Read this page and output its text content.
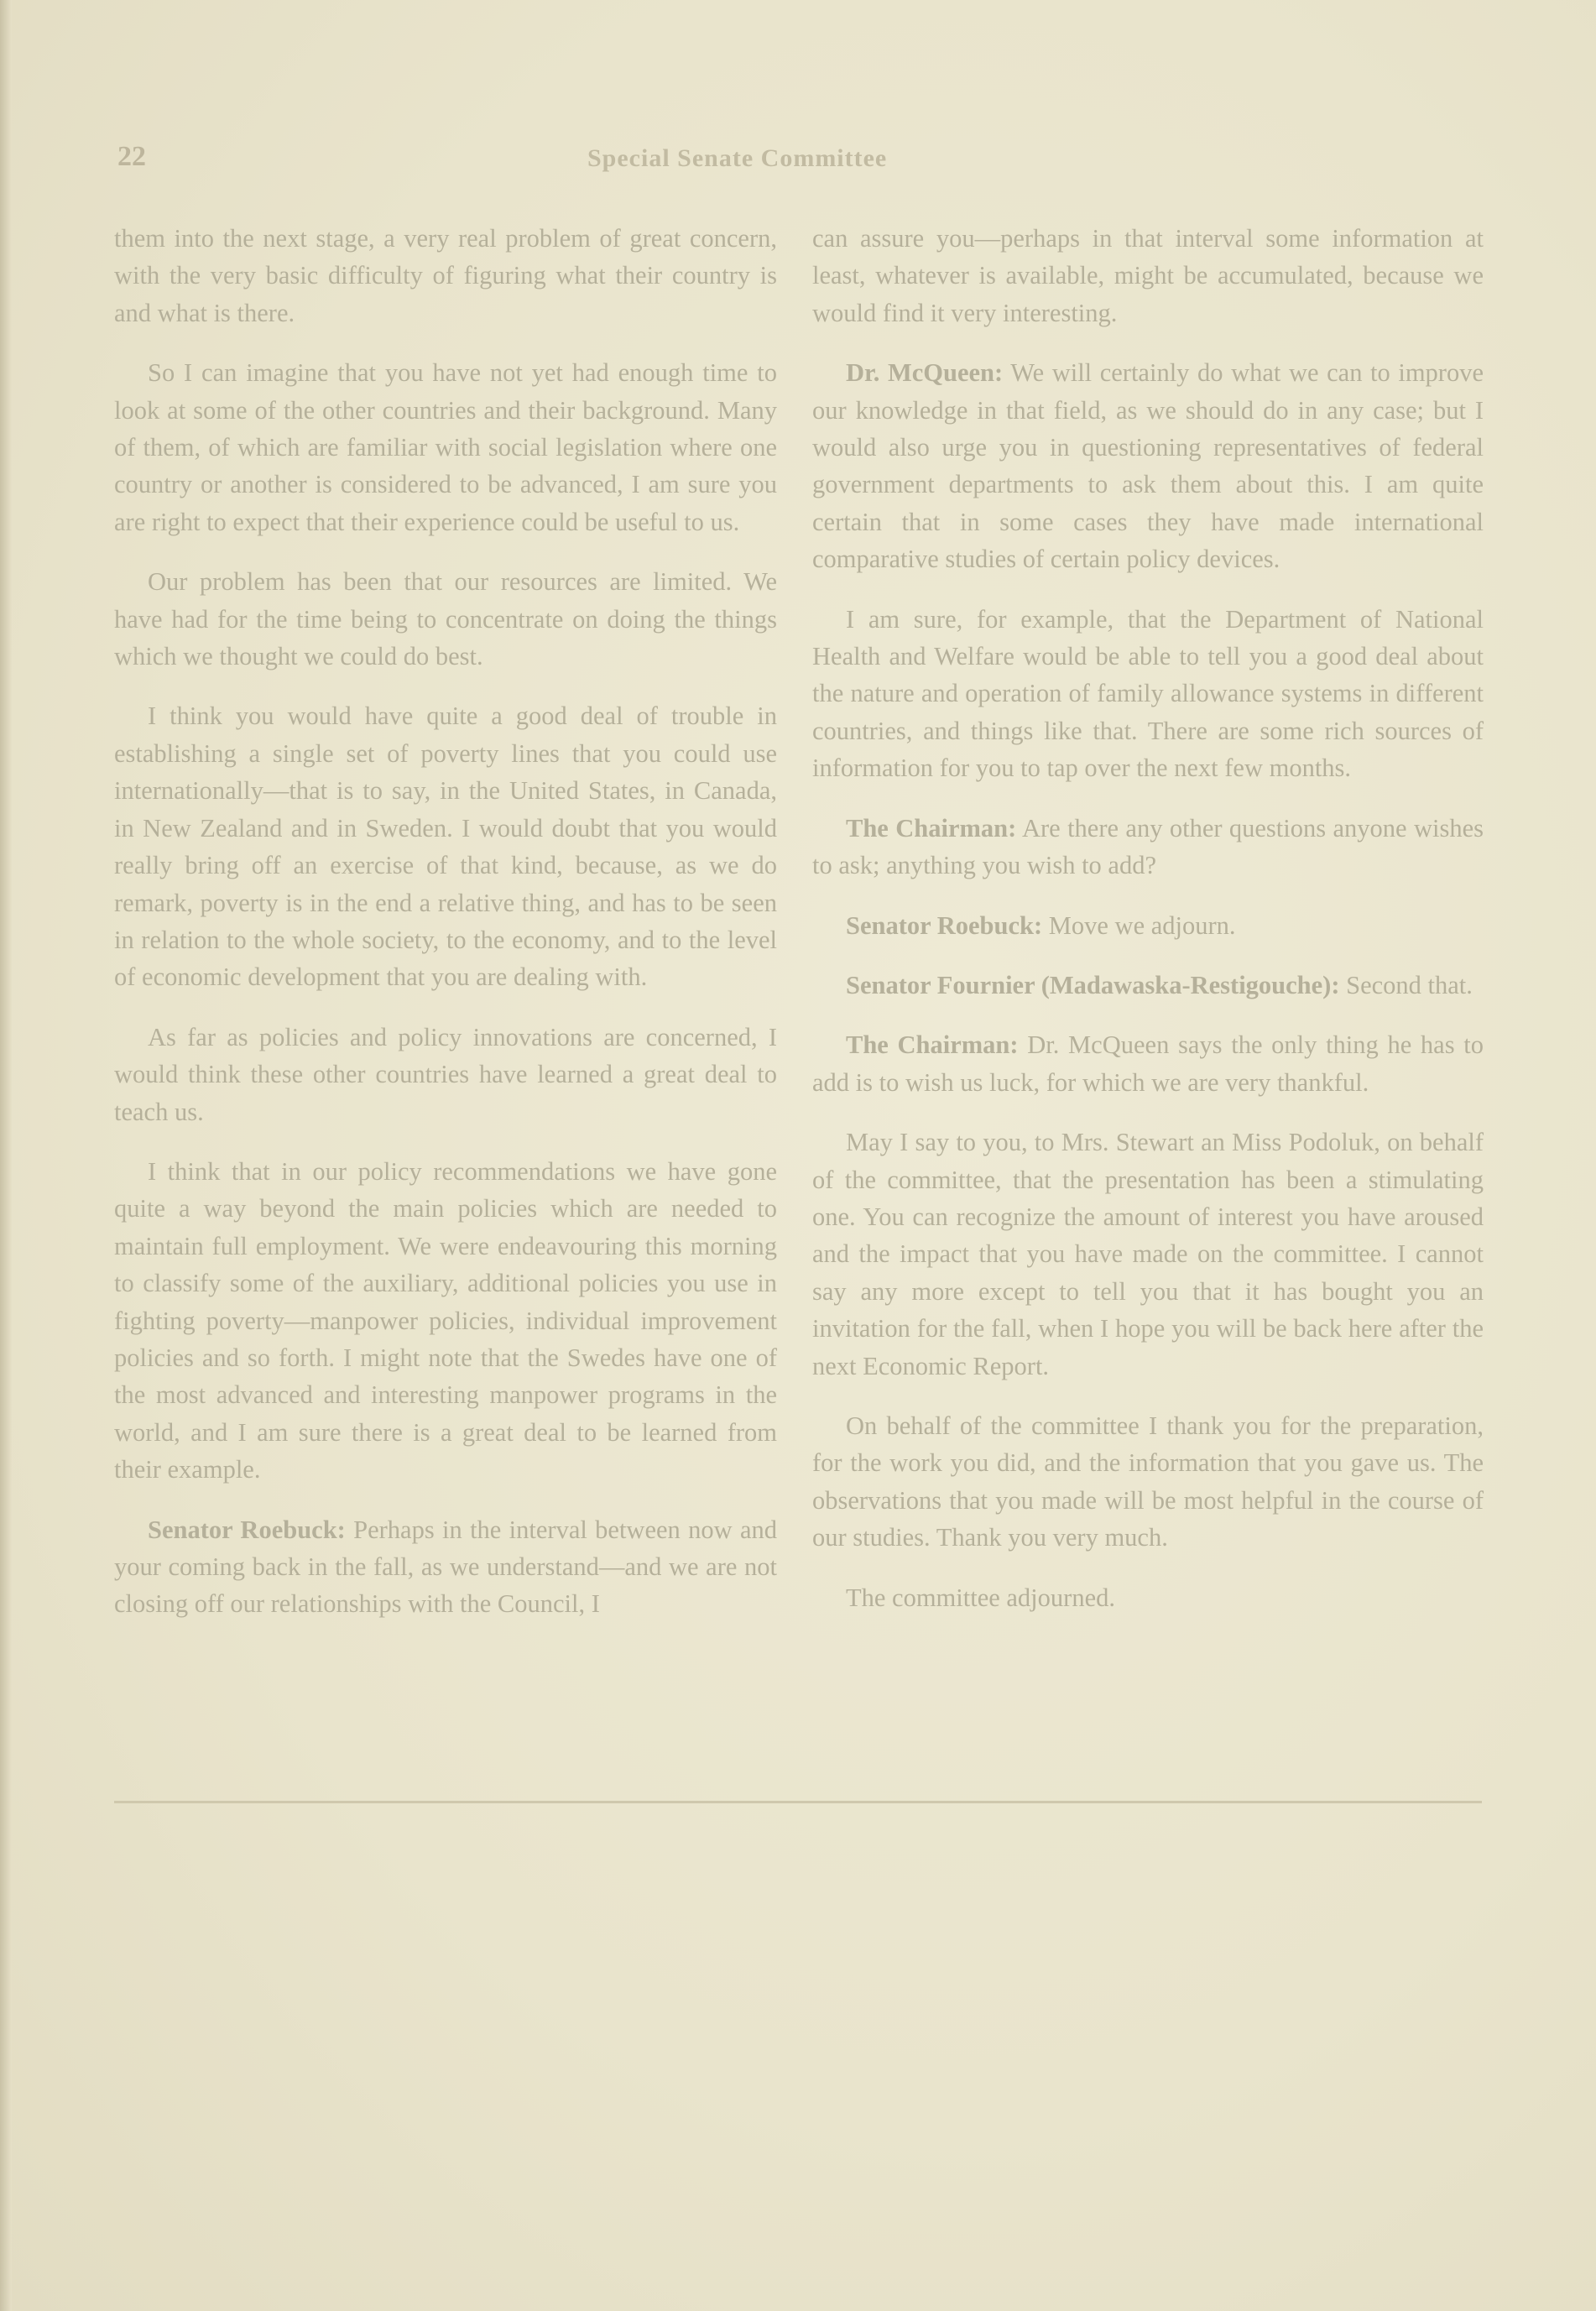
22	Special Senate Committee

them into the next stage, a very real problem of great concern, with the very basic difficulty of figuring what their country is and what is there.

So I can imagine that you have not yet had enough time to look at some of the other countries and their background. Many of them, of which are familiar with social legislation where one country or another is considered to be advanced, I am sure you are right to expect that their experience could be useful to us.

Our problem has been that our resources are limited. We have had for the time being to concentrate on doing the things which we thought we could do best.

I think you would have quite a good deal of trouble in establishing a single set of poverty lines that you could use internationally—that is to say, in the United States, in Canada, in New Zealand and in Sweden. I would doubt that you would really bring off an exercise of that kind, because, as we do remark, poverty is in the end a relative thing, and has to be seen in relation to the whole society, to the economy, and to the level of economic development that you are dealing with.

As far as policies and policy innovations are concerned, I would think these other countries have learned a great deal to teach us.

I think that in our policy recommendations we have gone quite a way beyond the main policies which are needed to maintain full employment. We were endeavouring this morning to classify some of the auxiliary, additional policies you use in fighting poverty—manpower policies, individual improvement policies and so forth. I might note that the Swedes have one of the most advanced and interesting manpower programs in the world, and I am sure there is a great deal to be learned from their example.

Senator Roebuck: Perhaps in the interval between now and your coming back in the fall, as we understand—and we are not closing off our relationships with the Council, I

can assure you—perhaps in that interval some information at least, whatever is available, might be accumulated, because we would find it very interesting.

Dr. McQueen: We will certainly do what we can to improve our knowledge in that field, as we should do in any case; but I would also urge you in questioning representatives of federal government departments to ask them about this. I am quite certain that in some cases they have made international comparative studies of certain policy devices.

I am sure, for example, that the Department of National Health and Welfare would be able to tell you a good deal about the nature and operation of family allowance systems in different countries, and things like that. There are some rich sources of information for you to tap over the next few months.

The Chairman: Are there any other questions anyone wishes to ask; anything you wish to add?

Senator Roebuck: Move we adjourn.

Senator Fournier (Madawaska-Restigouche): Second that.

The Chairman: Dr. McQueen says the only thing he has to add is to wish us luck, for which we are very thankful.

May I say to you, to Mrs. Stewart an Miss Podoluk, on behalf of the committee, that the presentation has been a stimulating one. You can recognize the amount of interest you have aroused and the impact that you have made on the committee. I cannot say any more except to tell you that it has bought you an invitation for the fall, when I hope you will be back here after the next Economic Report.

On behalf of the committee I thank you for the preparation, for the work you did, and the information that you gave us. The observations that you made will be most helpful in the course of our studies. Thank you very much.

The committee adjourned.
